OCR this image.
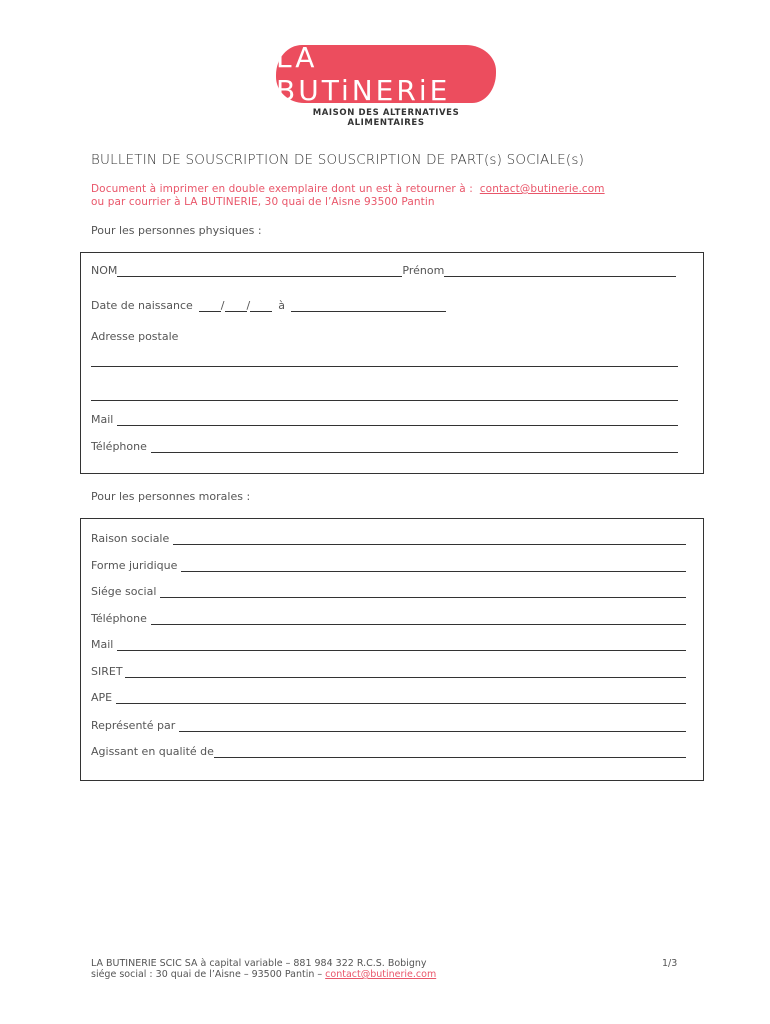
LA BUTiNERiE
MAISON DES ALTERNATIVES ALIMENTAIRES
BULLETIN DE SOUSCRIPTION DE SOUSCRIPTION DE PART(s) SOCIALE(s)
Document à imprimer en double exemplaire dont un est à retourner à : contact@butinerie.com
ou par courrier à LA BUTINERIE, 30 quai de l’Aisne 93500 Pantin
Pour les personnes physiques :
NOM	Prénom
Date de naissance	/ /	à
Adresse postale
Mail
Téléphone
Pour les personnes morales :
Raison sociale
Forme juridique
Siége social
Téléphone
Mail
SIRET
APE
Représenté par
Agissant en qualité de
LA BUTINERIE SCIC SA à capital variable – 881 984 322 R.C.S. Bobigny
siége social : 30 quai de l’Aisne – 93500 Pantin – contact@butinerie.com
1/3
